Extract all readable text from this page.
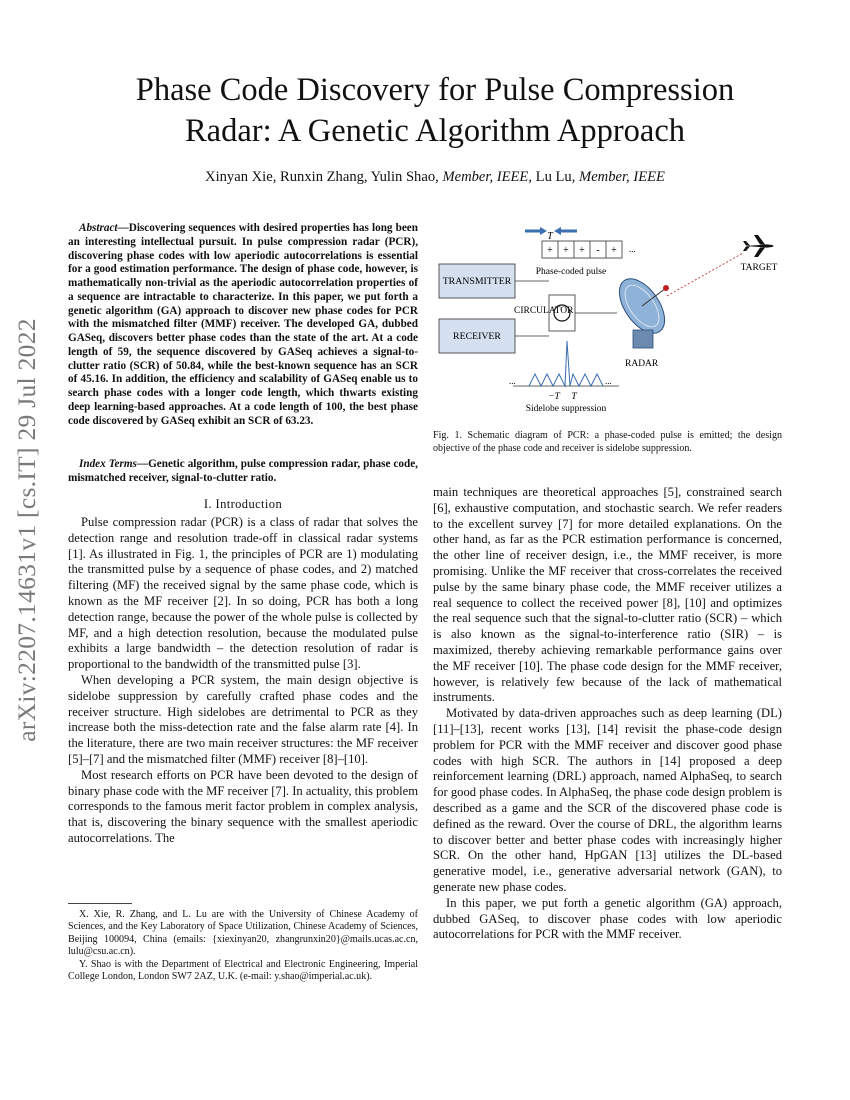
arXiv:2207.14631v1 [cs.IT] 29 Jul 2022
Phase Code Discovery for Pulse Compression
Radar: A Genetic Algorithm Approach
Xinyan Xie, Runxin Zhang, Yulin Shao, Member, IEEE, Lu Lu, Member, IEEE
Abstract—Discovering sequences with desired properties has long been an interesting intellectual pursuit. In pulse compression radar (PCR), discovering phase codes with low aperiodic autocorrelations is essential for a good estimation performance. The design of phase code, however, is mathematically non-trivial as the aperiodic autocorrelation properties of a sequence are intractable to characterize. In this paper, we put forth a genetic algorithm (GA) approach to discover new phase codes for PCR with the mismatched filter (MMF) receiver. The developed GA, dubbed GASeq, discovers better phase codes than the state of the art. At a code length of 59, the sequence discovered by GASeq achieves a signal-to-clutter ratio (SCR) of 50.84, while the best-known sequence has an SCR of 45.16. In addition, the efficiency and scalability of GASeq enable us to search phase codes with a longer code length, which thwarts existing deep learning-based approaches. At a code length of 100, the best phase code discovered by GASeq exhibit an SCR of 63.23.
Index Terms—Genetic algorithm, pulse compression radar, phase code, mismatched receiver, signal-to-clutter ratio.
I. Introduction

Pulse compression radar (PCR) is a class of radar that solves the detection range and resolution trade-off in classical radar systems [1]. As illustrated in Fig. 1, the principles of PCR are 1) modulating the transmitted pulse by a sequence of phase codes, and 2) matched filtering (MF) the received signal by the same phase code, which is known as the MF receiver [2]. In so doing, PCR has both a long detection range, because the power of the whole pulse is collected by MF, and a high detection resolution, because the modulated pulse exhibits a large bandwidth – the detection resolution of radar is proportional to the bandwidth of the transmitted pulse [3].

When developing a PCR system, the main design objective is sidelobe suppression by carefully crafted phase codes and the receiver structure. High sidelobes are detrimental to PCR as they increase both the miss-detection rate and the false alarm rate [4]. In the literature, there are two main receiver structures: the MF receiver [5]–[7] and the mismatched filter (MMF) receiver [8]–[10].

Most research efforts on PCR have been devoted to the design of binary phase code with the MF receiver [7]. In actuality, this problem corresponds to the famous merit factor problem in complex analysis, that is, discovering the binary sequence with the smallest aperiodic autocorrelations. The

X. Xie, R. Zhang, and L. Lu are with the University of Chinese Academy of Sciences, and the Key Laboratory of Space Utilization, Chinese Academy of Sciences, Beijing 100094, China (emails: {xiexinyan20, zhangrunxin20}@mails.ucas.ac.cn, lulu@csu.ac.cn).

Y. Shao is with the Department of Electrical and Electronic Engineering, Imperial College London, London SW7 2AZ, U.K. (e-mail: y.shao@imperial.ac.uk).

T
+ + + - + ...
Phase-coded pulse	TARGET
TRANSMITTER
RECEIVER
CIRCULATOR
RADAR
...	...
−T T
Sidelobe suppression
Fig. 1. Schematic diagram of PCR: a phase-coded pulse is emitted; the design objective of the phase code and receiver is sidelobe suppression.

main techniques are theoretical approaches [5], constrained search [6], exhaustive computation, and stochastic search. We refer readers to the excellent survey [7] for more detailed explanations. On the other hand, as far as the PCR estimation performance is concerned, the other line of receiver design, i.e., the MMF receiver, is more promising. Unlike the MF receiver that cross-correlates the received pulse by the same binary phase code, the MMF receiver utilizes a real sequence to collect the received power [8], [10] and optimizes the real sequence such that the signal-to-clutter ratio (SCR) – which is also known as the signal-to-interference ratio (SIR) – is maximized, thereby achieving remarkable performance gains over the MF receiver [10]. The phase code design for the MMF receiver, however, is relatively few because of the lack of mathematical instruments.

Motivated by data-driven approaches such as deep learning (DL) [11]–[13], recent works [13], [14] revisit the phase-code design problem for PCR with the MMF receiver and discover good phase codes with high SCR. The authors in [14] proposed a deep reinforcement learning (DRL) approach, named AlphaSeq, to search for good phase codes. In AlphaSeq, the phase code design problem is described as a game and the SCR of the discovered phase code is defined as the reward. Over the course of DRL, the algorithm learns to discover better and better phase codes with increasingly higher SCR. On the other hand, HpGAN [13] utilizes the DL-based generative model, i.e., generative adversarial network (GAN), to generate new phase codes.

In this paper, we put forth a genetic algorithm (GA) approach, dubbed GASeq, to discover phase codes with low aperiodic autocorrelations for PCR with the MMF receiver.
